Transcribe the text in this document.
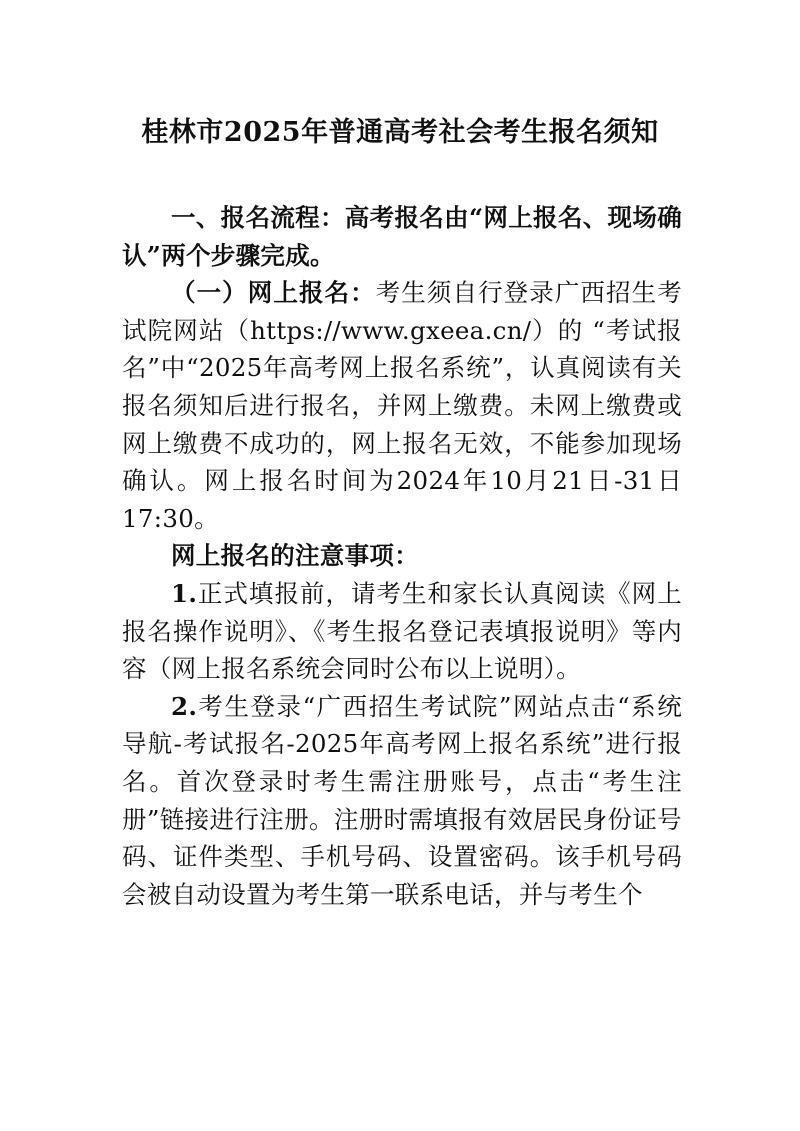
桂林市2025年普通高考社会考生报名须知

一、报名流程：高考报名由“网上报名、现场确认”两个步骤完成。

（一）网上报名：考生须自行登录广西招生考试院网站（https://www.gxeea.cn/）的 “考试报名”中“2025年高考网上报名系统”，认真阅读有关报名须知后进行报名，并网上缴费。未网上缴费或网上缴费不成功的，网上报名无效，不能参加现场确认。网上报名时间为2024年10月21日-31日17:30。

网上报名的注意事项：

1.正式填报前，请考生和家长认真阅读《网上报名操作说明》、《考生报名登记表填报说明》等内容（网上报名系统会同时公布以上说明）。

2.考生登录“广西招生考试院”网站点击“系统导航-考试报名-2025年高考网上报名系统”进行报名。首次登录时考生需注册账号，点击“考生注册”链接进行注册。注册时需填报有效居民身份证号码、证件类型、手机号码、设置密码。该手机号码会被自动设置为考生第一联系电话，并与考生个
